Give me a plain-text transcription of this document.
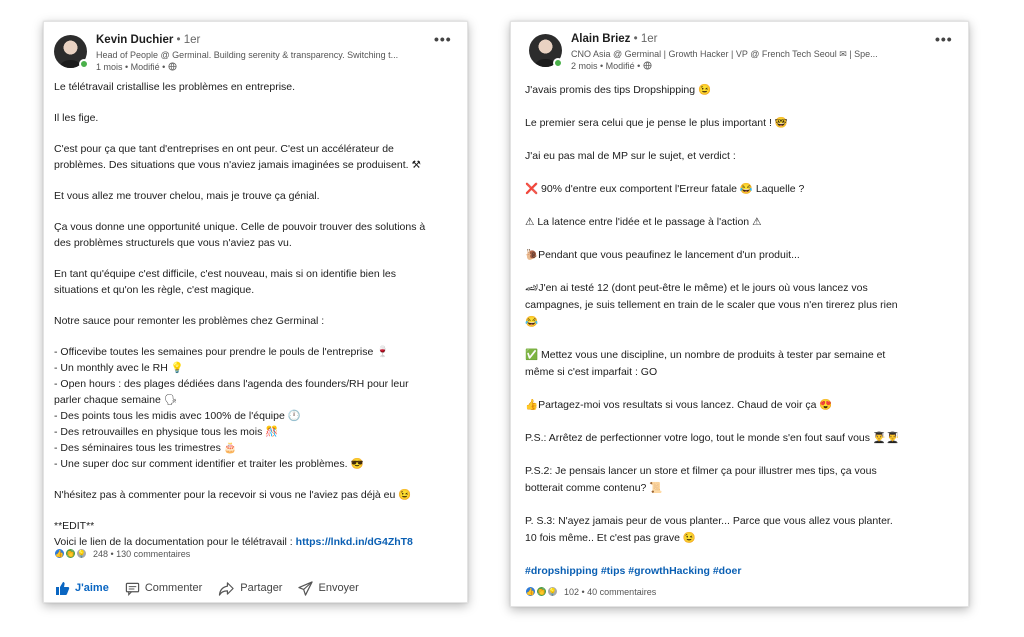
Kevin Duchier • 1er
Head of People @ Germinal. Building serenity & transparency. Switching t...
1 mois • Modifié •
•••
Le télétravail cristallise les problèmes en entreprise.
Il les fige.
C'est pour ça que tant d'entreprises en ont peur. C'est un accélérateur de
problèmes. Des situations que vous n'aviez jamais imaginées se produisent. ⚒
Et vous allez me trouver chelou, mais je trouve ça génial.
Ça vous donne une opportunité unique. Celle de pouvoir trouver des solutions à
des problèmes structurels que vous n'aviez pas vu.
En tant qu'équipe c'est difficile, c'est nouveau, mais si on identifie bien les
situations et qu'on les règle, c'est magique.
Notre sauce pour remonter les problèmes chez Germinal :
- Officevibe toutes les semaines pour prendre le pouls de l'entreprise 🍷
- Un monthly avec le RH 💡
- Open hours : des plages dédiées dans l'agenda des founders/RH pour leur
parler chaque semaine 🗣
- Des points tous les midis avec 100% de l'équipe 🕛
- Des retrouvailles en physique tous les mois 🎊
- Des séminaires tous les trimestres 🎂
- Une super doc sur comment identifier et traiter les problèmes. 😎
N'hésitez pas à commenter pour la recevoir si vous ne l'aviez pas déjà eu 😉
**EDIT**
Voici le lien de la documentation pour le télétravail : https://lnkd.in/dG4ZhT8
👍 👏 💡 248 • 130 commentaires
J'aime	Commenter	Partager	Envoyer
Alain Briez • 1er
CNO Asia @ Germinal | Growth Hacker | VP @ French Tech Seoul ✉ | Spe...
2 mois • Modifié •
•••
J'avais promis des tips Dropshipping 😉
Le premier sera celui que je pense le plus important ! 🤓
J'ai eu pas mal de MP sur le sujet, et verdict :
❌ 90% d'entre eux comportent l'Erreur fatale 😂 Laquelle ?
⚠ La latence entre l'idée et le passage à l'action ⚠
🐌Pendant que vous peaufinez le lancement d'un produit...
🏎J'en ai testé 12 (dont peut-être le même) et le jours où vous lancez vos
campagnes, je suis tellement en train de le scaler que vous n'en tirerez plus rien
😂
✅ Mettez vous une discipline, un nombre de produits à tester par semaine et
même si c'est imparfait : GO
👍Partagez-moi vos resultats si vous lancez. Chaud de voir ça 😍
P.S.: Arrêtez de perfectionner votre logo, tout le monde s'en fout sauf vous 👨‍🎓👨‍🎓
P.S.2: Je pensais lancer un store et filmer ça pour illustrer mes tips, ça vous
botterait comme contenu? 📜
P. S.3: N'ayez jamais peur de vous planter... Parce que vous allez vous planter.
10 fois même.. Et c'est pas grave 😉
#dropshipping #tips #growthHacking #doer
👍 👏 💡 102 • 40 commentaires
